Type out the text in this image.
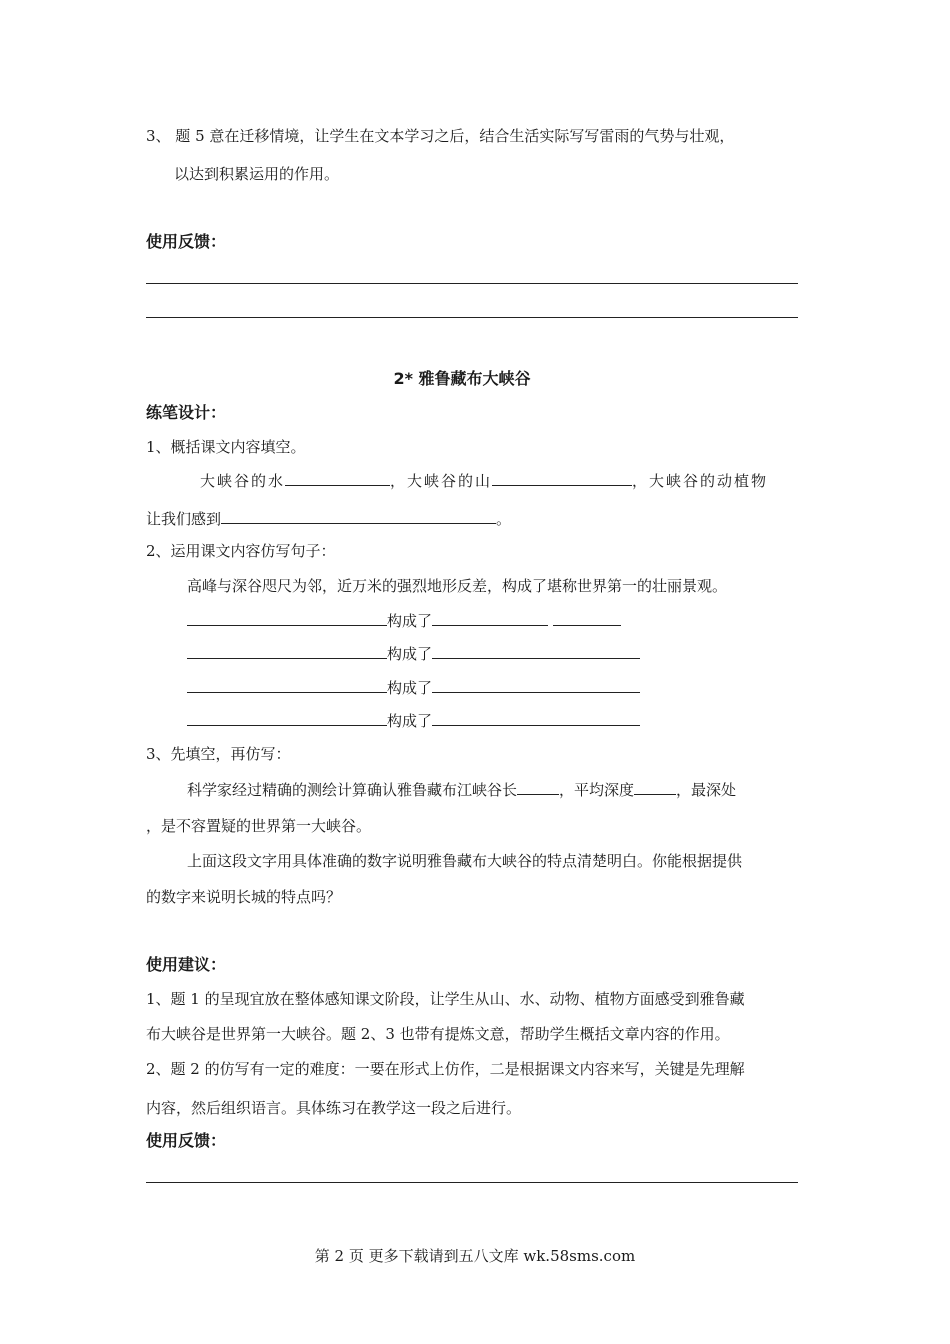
3、 题 5 意在迁移情境，让学生在文本学习之后，结合生活实际写写雷雨的气势与壮观，
以达到积累运用的作用。
使用反馈：
2* 雅鲁藏布大峡谷
练笔设计：
1、概括课文内容填空。
大峡谷的水	，大峡谷的山	，大峡谷的动植物
让我们感到	。
2、运用课文内容仿写句子：
高峰与深谷咫尺为邻，近万米的强烈地形反差，构成了堪称世界第一的壮丽景观。
构成了
构成了
构成了
构成了
3、先填空，再仿写：
科学家经过精确的测绘计算确认雅鲁藏布江峡谷长	，平均深度	，最深处
，是不容置疑的世界第一大峡谷。
上面这段文字用具体准确的数字说明雅鲁藏布大峡谷的特点清楚明白。你能根据提供
的数字来说明长城的特点吗？
使用建议：
1、题 1 的呈现宜放在整体感知课文阶段，让学生从山、水、动物、植物方面感受到雅鲁藏
布大峡谷是世界第一大峡谷。题 2、3 也带有提炼文意，帮助学生概括文章内容的作用。
2、题 2 的仿写有一定的难度：一要在形式上仿作，二是根据课文内容来写，关键是先理解
内容，然后组织语言。具体练习在教学这一段之后进行。
使用反馈：
第 2 页 更多下载请到五八文库 wk.58sms.com
